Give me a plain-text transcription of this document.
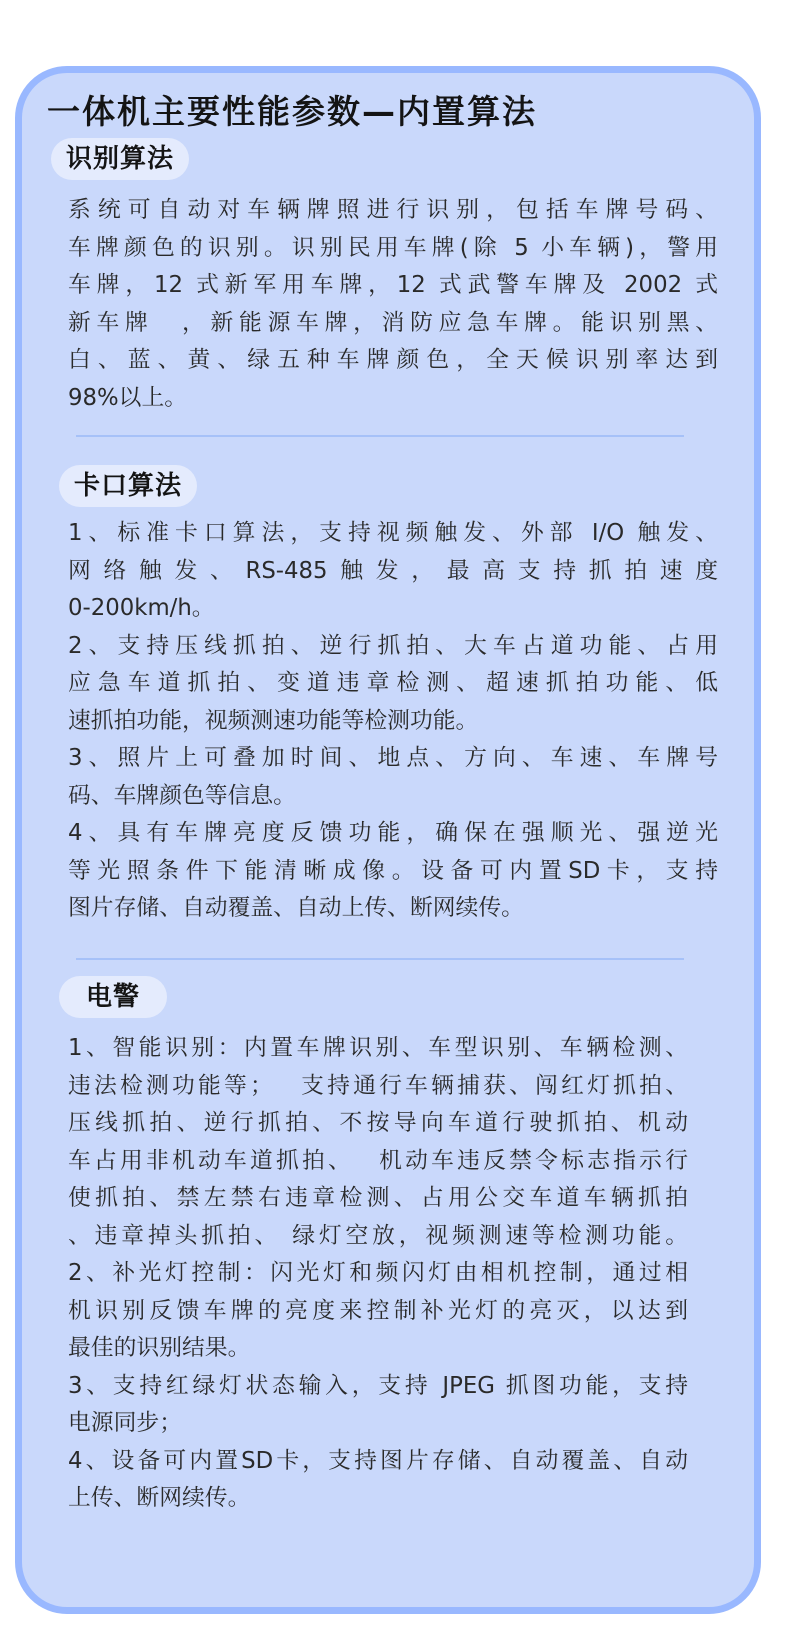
一体机主要性能参数—内置算法
识别算法
系统可自动对车辆牌照进行识别，包括车牌号码、
车牌颜色的识别。识别民用车牌(除 5 小车辆)，警用
车牌，12 式新军用车牌，12 式武警车牌及 2002 式
新车牌　，新能源车牌，消防应急车牌。能识别黑、
白、蓝、黄、绿五种车牌颜色，全天候识别率达到
98%以上。
卡口算法
1、标准卡口算法，支持视频触发、外部 I/O 触发、
网络触发、RS-485触发，最高支持抓拍速度
0-200km/h。
2、支持压线抓拍、逆行抓拍、大车占道功能、占用
应急车道抓拍、变道违章检测、超速抓拍功能、低
速抓拍功能，视频测速功能等检测功能。
3、照片上可叠加时间、地点、方向、车速、车牌号
码、车牌颜色等信息。
4、具有车牌亮度反馈功能，确保在强顺光、强逆光
等光照条件下能清晰成像。设备可内置SD卡，支持
图片存储、自动覆盖、自动上传、断网续传。
电警
1、智能识别：内置车牌识别、车型识别、车辆检测、
违法检测功能等；　 支持通行车辆捕获、闯红灯抓拍、
压线抓拍、逆行抓拍、不按导向车道行驶抓拍、机动
车占用非机动车道抓拍、　 机动车违反禁令标志指示行
使抓拍、禁左禁右违章检测、占用公交车道车辆抓拍
、违章掉头抓拍、 绿灯空放，视频测速等检测功能。
2、补光灯控制：闪光灯和频闪灯由相机控制，通过相
机识别反馈车牌的亮度来控制补光灯的亮灭，以达到
最佳的识别结果。
3、支持红绿灯状态输入，支持 JPEG 抓图功能，支持
电源同步；
4、设备可内置SD卡，支持图片存储、自动覆盖、自动
上传、断网续传。
